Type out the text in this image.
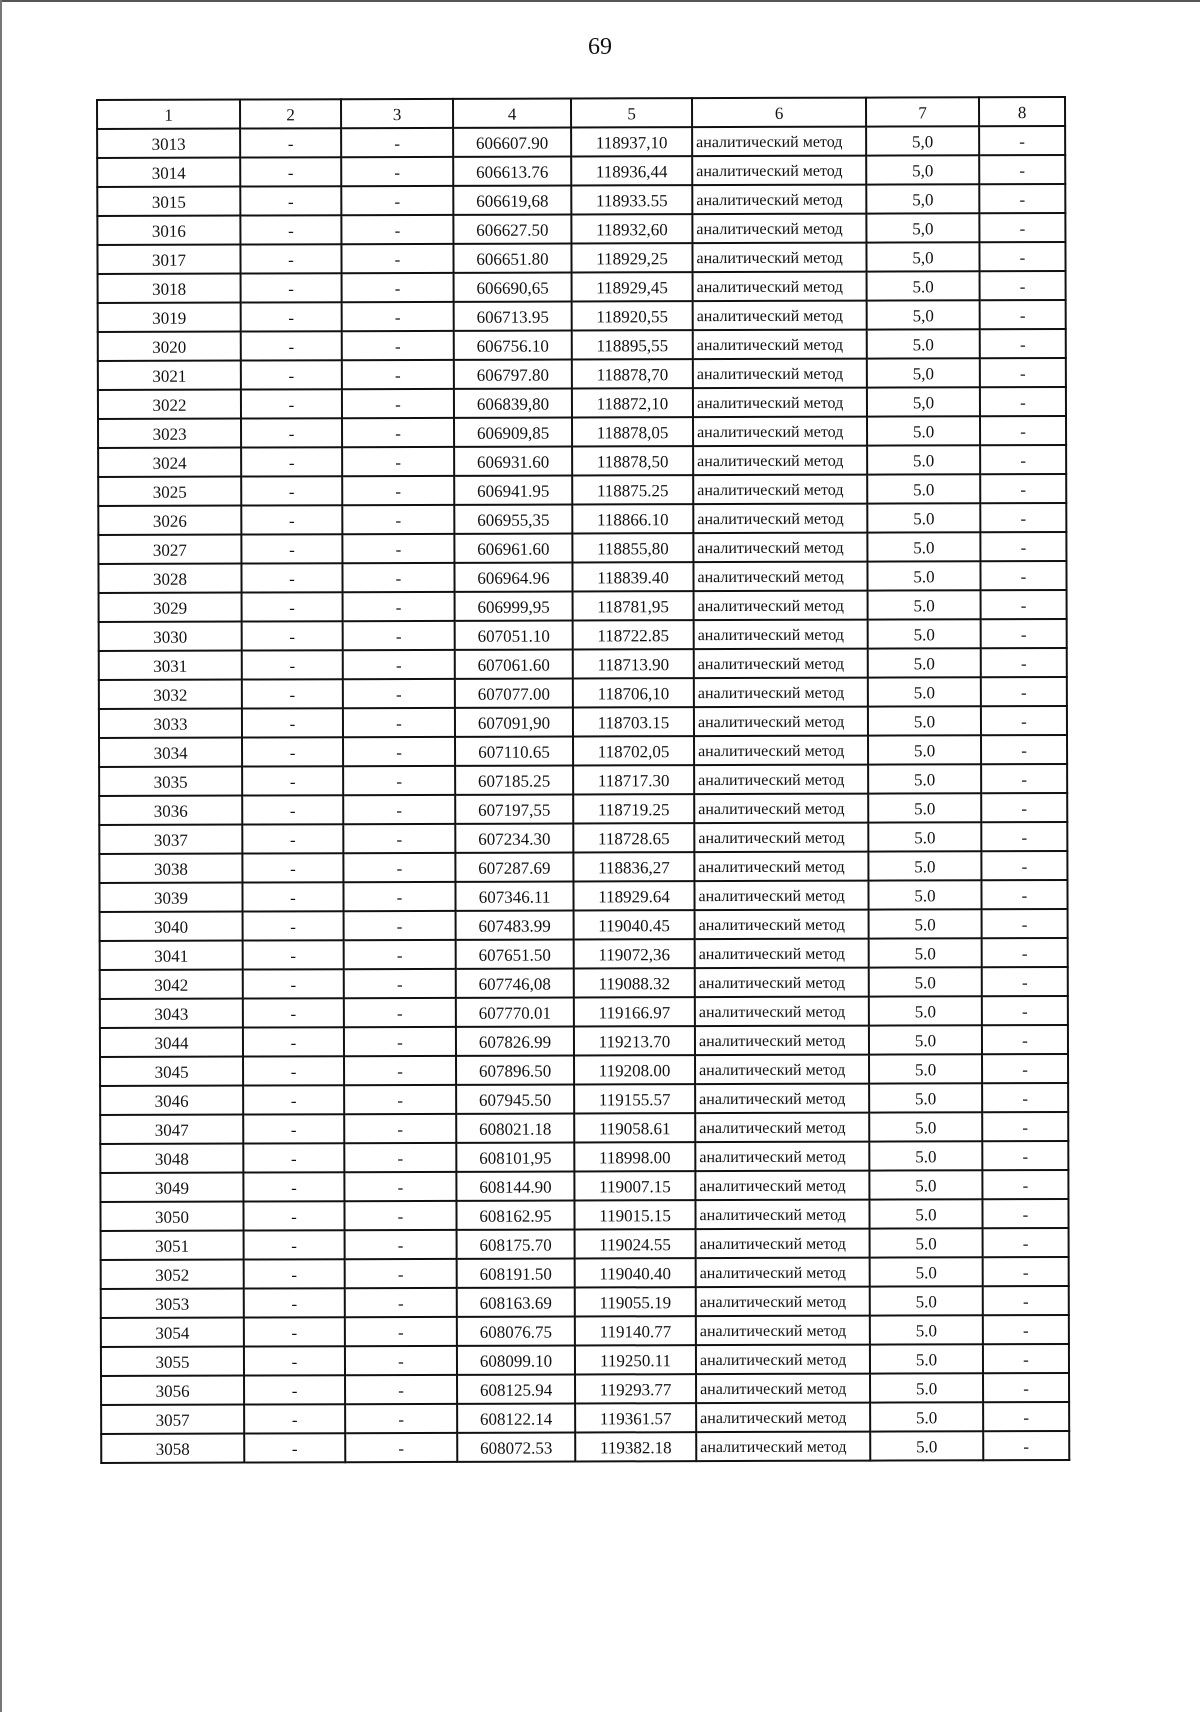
69
1	2	3	4	5	6	7	8
3013	-	-	606607.90	118937,10	аналитический метод	5,0	-
3014	-	-	606613.76	118936,44	аналитический метод	5,0	-
3015	-	-	606619,68	118933.55	аналитический метод	5,0	-
3016	-	-	606627.50	118932,60	аналитический метод	5,0	-
3017	-	-	606651.80	118929,25	аналитический метод	5,0	-
3018	-	-	606690,65	118929,45	аналитический метод	5.0	-
3019	-	-	606713.95	118920,55	аналитический метод	5,0	-
3020	-	-	606756.10	118895,55	аналитический метод	5.0	-
3021	-	-	606797.80	118878,70	аналитический метод	5,0	-
3022	-	-	606839,80	118872,10	аналитический метод	5,0	-
3023	-	-	606909,85	118878,05	аналитический метод	5.0	-
3024	-	-	606931.60	118878,50	аналитический метод	5.0	-
3025	-	-	606941.95	118875.25	аналитический метод	5.0	-
3026	-	-	606955,35	118866.10	аналитический метод	5.0	-
3027	-	-	606961.60	118855,80	аналитический метод	5.0	-
3028	-	-	606964.96	118839.40	аналитический метод	5.0	-
3029	-	-	606999,95	118781,95	аналитический метод	5.0	-
3030	-	-	607051.10	118722.85	аналитический метод	5.0	-
3031	-	-	607061.60	118713.90	аналитический метод	5.0	-
3032	-	-	607077.00	118706,10	аналитический метод	5.0	-
3033	-	-	607091,90	118703.15	аналитический метод	5.0	-
3034	-	-	607110.65	118702,05	аналитический метод	5.0	-
3035	-	-	607185.25	118717.30	аналитический метод	5.0	-
3036	-	-	607197,55	118719.25	аналитический метод	5.0	-
3037	-	-	607234.30	118728.65	аналитический метод	5.0	-
3038	-	-	607287.69	118836,27	аналитический метод	5.0	-
3039	-	-	607346.11	118929.64	аналитический метод	5.0	-
3040	-	-	607483.99	119040.45	аналитический метод	5.0	-
3041	-	-	607651.50	119072,36	аналитический метод	5.0	-
3042	-	-	607746,08	119088.32	аналитический метод	5.0	-
3043	-	-	607770.01	119166.97	аналитический метод	5.0	-
3044	-	-	607826.99	119213.70	аналитический метод	5.0	-
3045	-	-	607896.50	119208.00	аналитический метод	5.0	-
3046	-	-	607945.50	119155.57	аналитический метод	5.0	-
3047	-	-	608021.18	119058.61	аналитический метод	5.0	-
3048	-	-	608101,95	118998.00	аналитический метод	5.0	-
3049	-	-	608144.90	119007.15	аналитический метод	5.0	-
3050	-	-	608162.95	119015.15	аналитический метод	5.0	-
3051	-	-	608175.70	119024.55	аналитический метод	5.0	-
3052	-	-	608191.50	119040.40	аналитический метод	5.0	-
3053	-	-	608163.69	119055.19	аналитический метод	5.0	-
3054	-	-	608076.75	119140.77	аналитический метод	5.0	-
3055	-	-	608099.10	119250.11	аналитический метод	5.0	-
3056	-	-	608125.94	119293.77	аналитический метод	5.0	-
3057	-	-	608122.14	119361.57	аналитический метод	5.0	-
3058	-	-	608072.53	119382.18	аналитический метод	5.0	-
